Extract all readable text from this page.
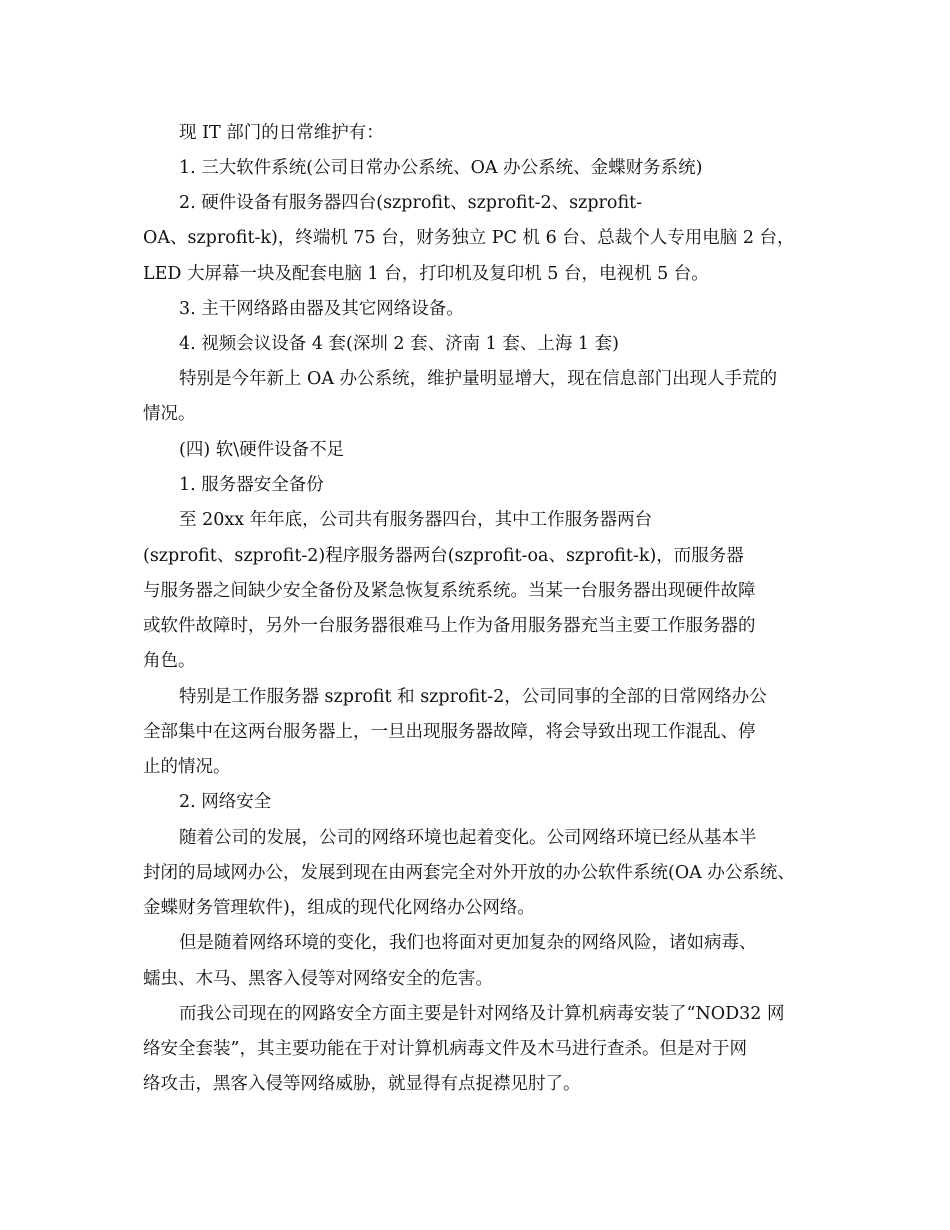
现 IT 部门的日常维护有：
1. 三大软件系统(公司日常办公系统、OA 办公系统、金蝶财务系统)
2. 硬件设备有服务器四台(szprofit、szprofit-2、szprofit-
OA、szprofit-k)，终端机 75 台，财务独立 PC 机 6 台、总裁个人专用电脑 2 台，
LED 大屏幕一块及配套电脑 1 台，打印机及复印机 5 台，电视机 5 台。
3. 主干网络路由器及其它网络设备。
4. 视频会议设备 4 套(深圳 2 套、济南 1 套、上海 1 套)
特别是今年新上 OA 办公系统，维护量明显增大，现在信息部门出现人手荒的
情况。
(四) 软\硬件设备不足
1. 服务器安全备份
至 20xx 年年底，公司共有服务器四台，其中工作服务器两台
(szprofit、szprofit-2)程序服务器两台(szprofit-oa、szprofit-k)，而服务器
与服务器之间缺少安全备份及紧急恢复系统系统。当某一台服务器出现硬件故障
或软件故障时，另外一台服务器很难马上作为备用服务器充当主要工作服务器的
角色。
特别是工作服务器 szprofit 和 szprofit-2，公司同事的全部的日常网络办公
全部集中在这两台服务器上，一旦出现服务器故障，将会导致出现工作混乱、停
止的情况。
2. 网络安全
随着公司的发展，公司的网络环境也起着变化。公司网络环境已经从基本半
封闭的局域网办公，发展到现在由两套完全对外开放的办公软件系统(OA 办公系统、
金蝶财务管理软件)，组成的现代化网络办公网络。
但是随着网络环境的变化，我们也将面对更加复杂的网络风险，诸如病毒、
蠕虫、木马、黑客入侵等对网络安全的危害。
而我公司现在的网路安全方面主要是针对网络及计算机病毒安装了“NOD32 网
络安全套装”，其主要功能在于对计算机病毒文件及木马进行查杀。但是对于网
络攻击，黑客入侵等网络威胁，就显得有点捉襟见肘了。
